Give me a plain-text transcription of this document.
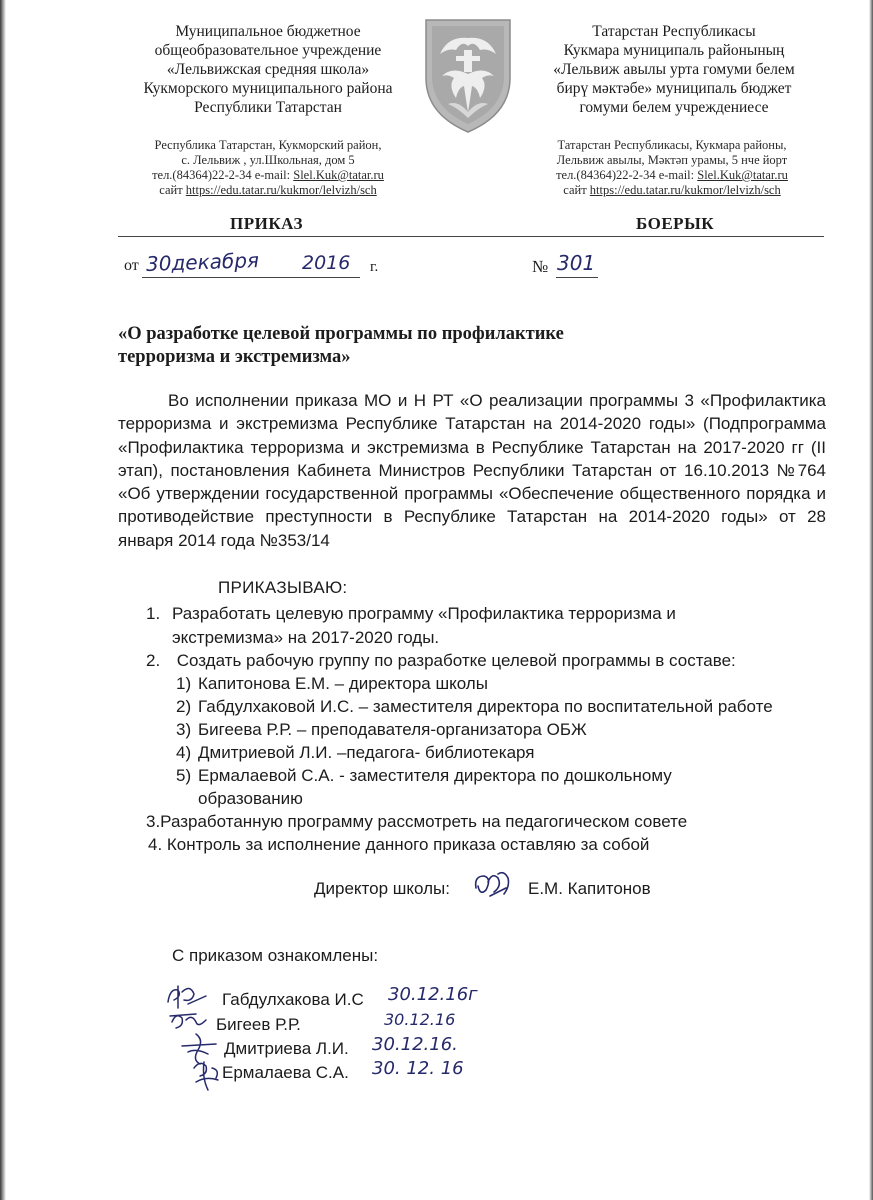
Муниципальное бюджетное
общеобразовательное учреждение
«Лельвижская средняя школа»
Кукморского муниципального района
Республики Татарстан
Татарстан Республикасы
Кукмара муниципаль районының
«Лельвиж авылы урта гомуми белем
бирү мәктәбе» муниципаль бюджет
гомуми белем учреждениесе
Республика Татарстан, Кукморский район,
с. Лельвиж , ул.Школьная, дом 5
тел.(84364)22-2-34 e-mail: Slel.Kuk@tatar.ru
сайт https://edu.tatar.ru/kukmor/lelvizh/sch
Татарстан Республикасы, Кукмара районы,
Лельвиж авылы, Мәктәп урамы, 5 нче йорт
тел.(84364)22-2-34 e-mail: Slel.Kuk@tatar.ru
сайт https://edu.tatar.ru/kukmor/lelvizh/sch
ПРИКАЗ	БОЕРЫК
от 30декабря 2016 г.	№ 301
«О разработке целевой программы по профилактике
терроризма и экстремизма»

Во исполнении приказа МО и Н РТ «О реализации программы 3 «Профилактика терроризма и экстремизма Республике Татарстан на 2014-2020 годы» (Подпрограмма «Профилактика терроризма и экстремизма в Республике Татарстан на 2017-2020 гг (II этап), постановления Кабинета Министров Республики Татарстан от 16.10.2013 №764 «Об утверждении государственной программы «Обеспечение общественного порядка и противодействие преступности в Республике Татарстан на 2014-2020 годы» от 28 января 2014 года №353/14

ПРИКАЗЫВАЮ:
1. Разработать целевую программу «Профилактика терроризма и
экстремизма» на 2017-2020 годы.
2. Создать рабочую группу по разработке целевой программы в составе:
1) Капитонова Е.М. – директора школы
2) Габдулхаковой И.С. – заместителя директора по воспитательной работе
3) Бигеева Р.Р. – преподавателя-организатора ОБЖ
4) Дмитриевой Л.И. –педагога- библиотекаря
5) Ермалаевой С.А. - заместителя директора по дошкольному
образованию
3.Разработанную программу рассмотреть на педагогическом совете
4. Контроль за исполнение данного приказа оставляю за собой
Директор школы:	Е.М. Капитонов
С приказом ознакомлены:
Габдулхакова И.С 30.12.16г
Бигеев Р.Р.	30.12.16
Дмитриева Л.И. 30.12.16.
Ермалаева С.А. 30. 12. 16
